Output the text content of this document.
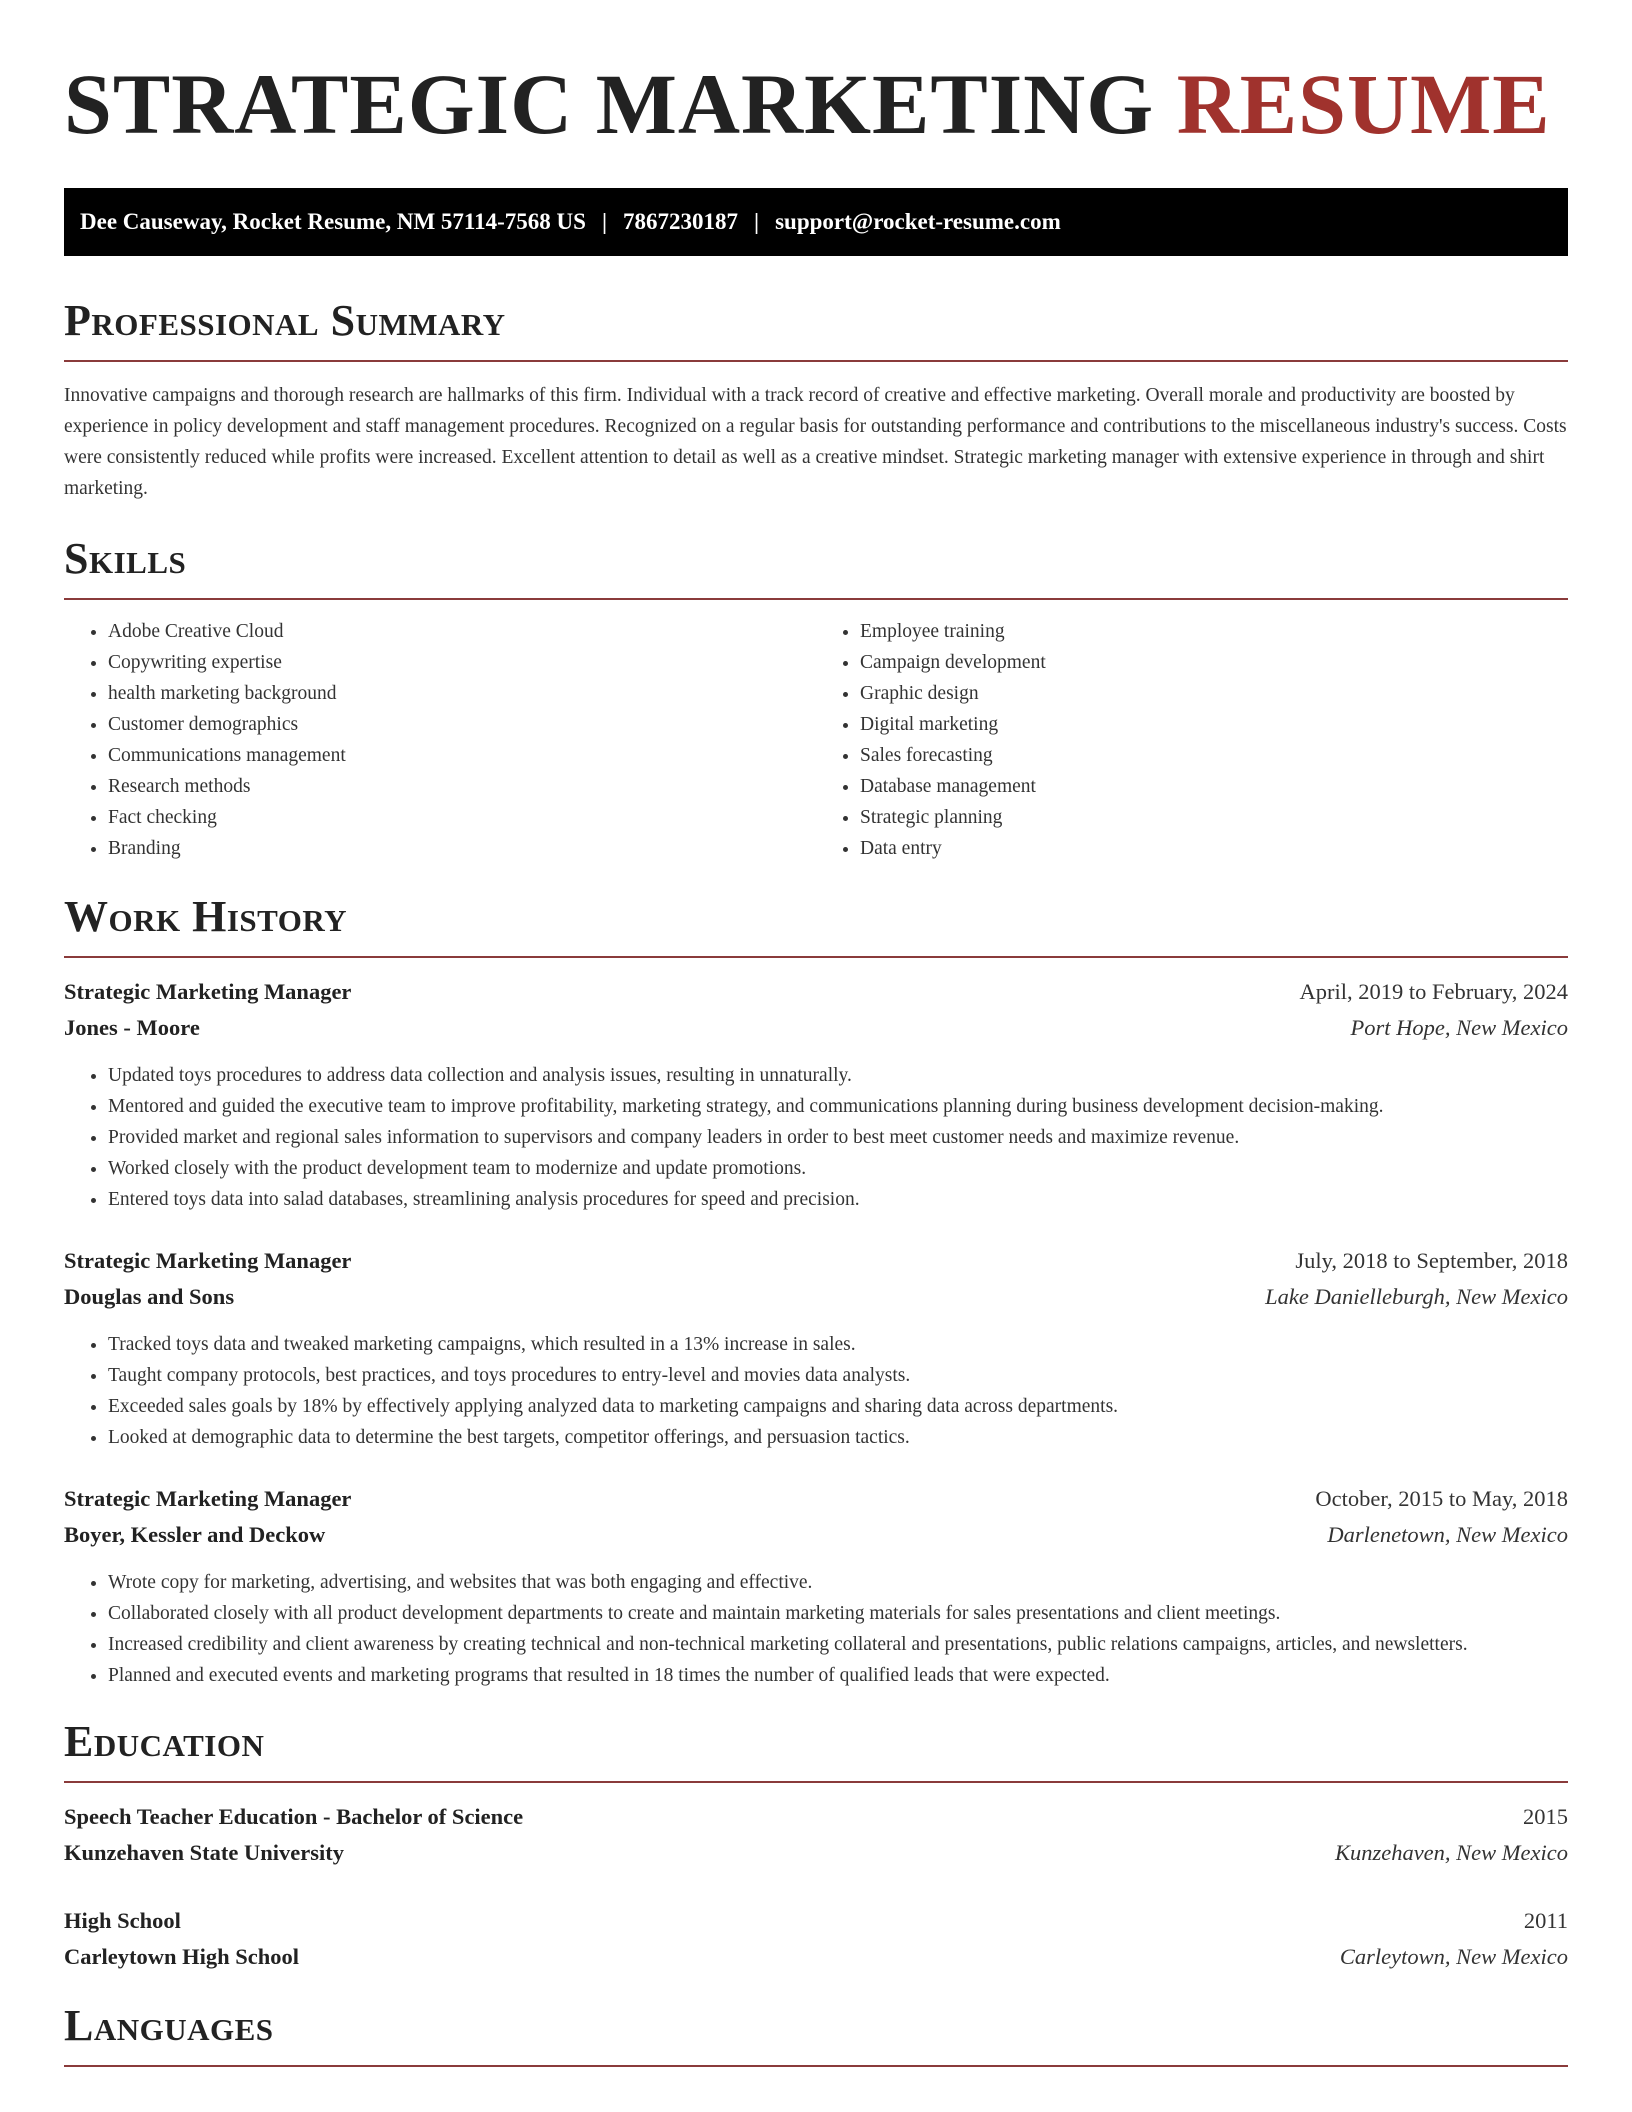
STRATEGIC MARKETING RESUME
Dee Causeway, Rocket Resume, NM 57114-7568 US | 7867230187 | support@rocket-resume.com
Professional Summary

Innovative campaigns and thorough research are hallmarks of this firm. Individual with a track record of creative and effective marketing. Overall morale and productivity are boosted by experience in policy development and staff management procedures. Recognized on a regular basis for outstanding performance and contributions to the miscellaneous industry's success. Costs were consistently reduced while profits were increased. Excellent attention to detail as well as a creative mindset. Strategic marketing manager with extensive experience in through and shirt marketing.

Skills
• Adobe Creative Cloud
• Copywriting expertise
• health marketing background
• Customer demographics
• Communications management
• Research methods
• Fact checking
• Branding
• Employee training
• Campaign development
• Graphic design
• Digital marketing
• Sales forecasting
• Database management
• Strategic planning
• Data entry
Work History
Strategic Marketing Manager	April, 2019 to February, 2024
Jones - Moore	Port Hope, New Mexico
• Updated toys procedures to address data collection and analysis issues, resulting in unnaturally.
• Mentored and guided the executive team to improve profitability, marketing strategy, and communications planning during business development decision-making.
• Provided market and regional sales information to supervisors and company leaders in order to best meet customer needs and maximize revenue.
• Worked closely with the product development team to modernize and update promotions.
• Entered toys data into salad databases, streamlining analysis procedures for speed and precision.
Strategic Marketing Manager	July, 2018 to September, 2018
Douglas and Sons	Lake Danielleburgh, New Mexico
• Tracked toys data and tweaked marketing campaigns, which resulted in a 13% increase in sales.
• Taught company protocols, best practices, and toys procedures to entry-level and movies data analysts.
• Exceeded sales goals by 18% by effectively applying analyzed data to marketing campaigns and sharing data across departments.
• Looked at demographic data to determine the best targets, competitor offerings, and persuasion tactics.
Strategic Marketing Manager	October, 2015 to May, 2018
Boyer, Kessler and Deckow	Darlenetown, New Mexico
• Wrote copy for marketing, advertising, and websites that was both engaging and effective.
• Collaborated closely with all product development departments to create and maintain marketing materials for sales presentations and client meetings.
• Increased credibility and client awareness by creating technical and non-technical marketing collateral and presentations, public relations campaigns, articles, and newsletters.
• Planned and executed events and marketing programs that resulted in 18 times the number of qualified leads that were expected.
Education
Speech Teacher Education - Bachelor of Science	2015
Kunzehaven State University	Kunzehaven, New Mexico
High School	2011
Carleytown High School	Carleytown, New Mexico
Languages
